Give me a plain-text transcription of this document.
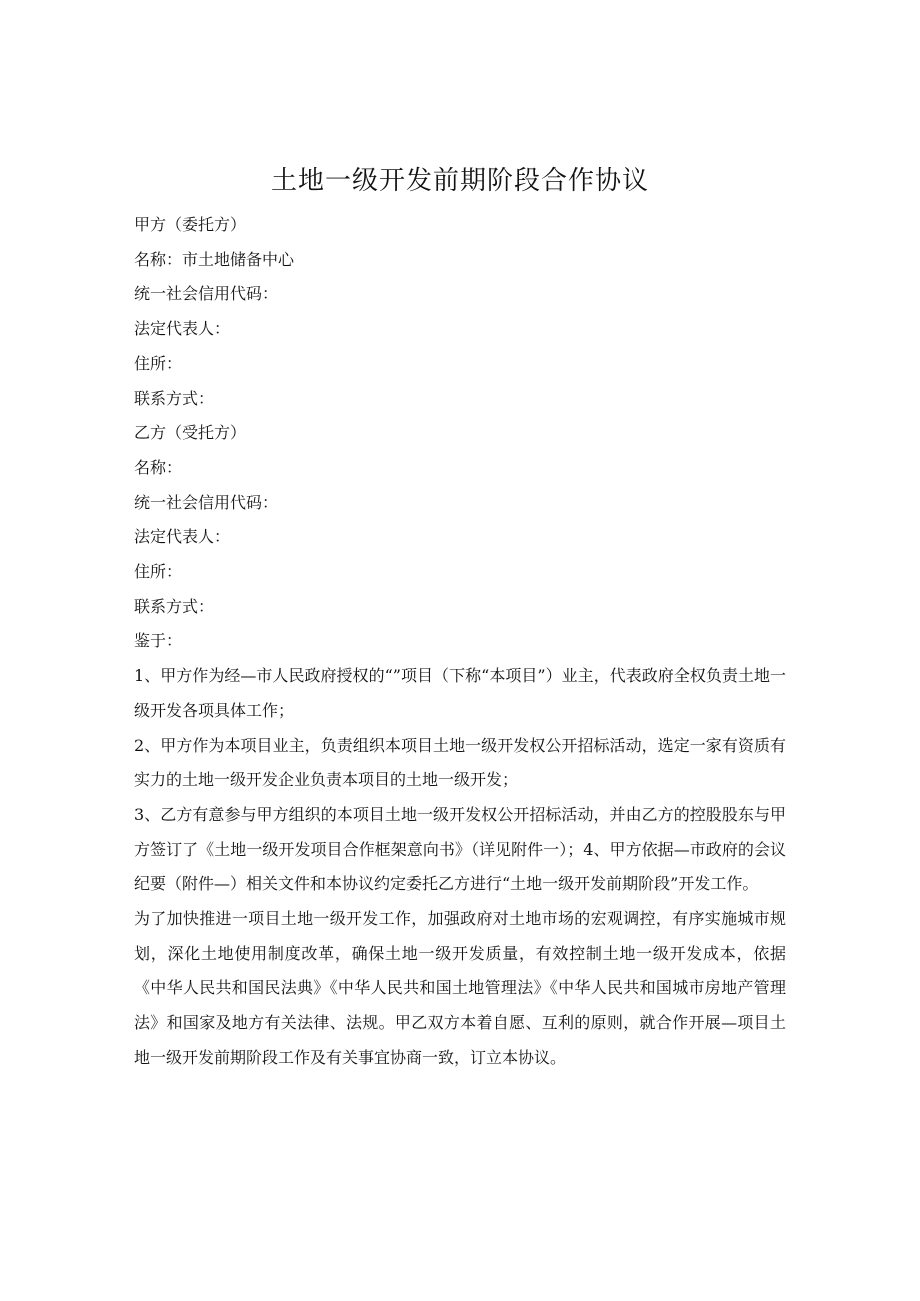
土地一级开发前期阶段合作协议

甲方（委托方）

名称：市土地储备中心

统一社会信用代码：

法定代表人：

住所：

联系方式：

乙方（受托方）

名称：

统一社会信用代码：

法定代表人：

住所：

联系方式：

鉴于：

1、甲方作为经—市人民政府授权的“”项目（下称“本项目”）业主，代表政府全权负责土地一级开发各项具体工作；

2、甲方作为本项目业主，负责组织本项目土地一级开发权公开招标活动，选定一家有资质有实力的土地一级开发企业负责本项目的土地一级开发；

3、乙方有意参与甲方组织的本项目土地一级开发权公开招标活动，并由乙方的控股股东与甲方签订了《土地一级开发项目合作框架意向书》（详见附件一）；4、甲方依据—市政府的会议纪要（附件—）相关文件和本协议约定委托乙方进行“土地一级开发前期阶段”开发工作。

为了加快推进一项目土地一级开发工作，加强政府对土地市场的宏观调控，有序实施城市规划，深化土地使用制度改革，确保土地一级开发质量，有效控制土地一级开发成本，依据《中华人民共和国民法典》《中华人民共和国土地管理法》《中华人民共和国城市房地产管理法》和国家及地方有关法律、法规。甲乙双方本着自愿、互利的原则，就合作开展—项目土地一级开发前期阶段工作及有关事宜协商一致，订立本协议。
